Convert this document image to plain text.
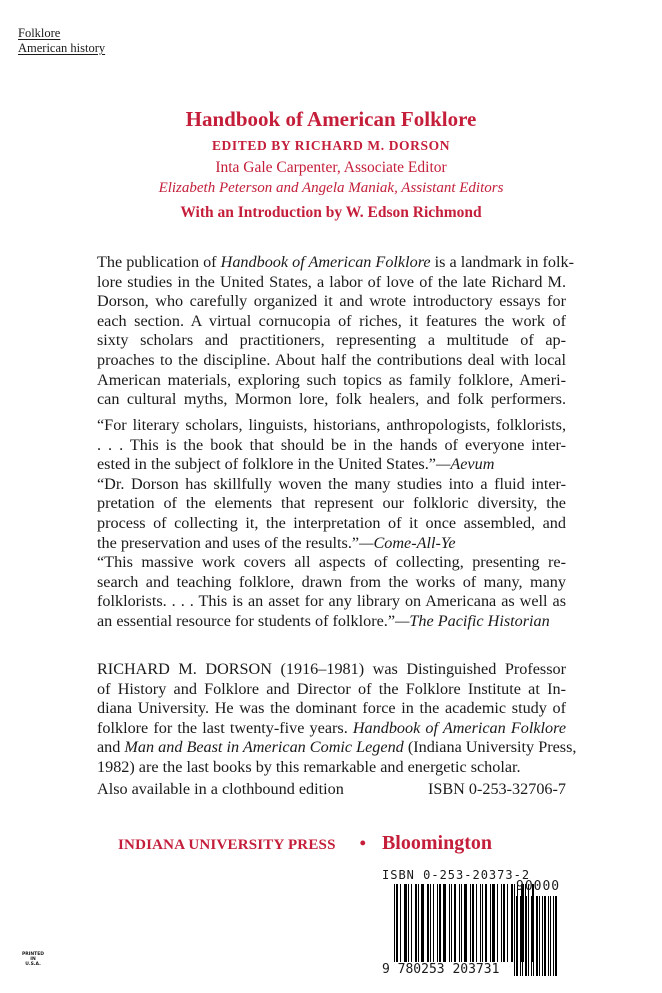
Folklore
American history
Handbook of American Folklore
EDITED BY RICHARD M. DORSON
Inta Gale Carpenter, Associate Editor
Elizabeth Peterson and Angela Maniak, Assistant Editors
With an Introduction by W. Edson Richmond
The publication of Handbook of American Folklore is a landmark in folk-
lore studies in the United States, a labor of love of the late Richard M.
Dorson, who carefully organized it and wrote introductory essays for
each section. A virtual cornucopia of riches, it features the work of
sixty scholars and practitioners, representing a multitude of ap-
proaches to the discipline. About half the contributions deal with local
American materials, exploring such topics as family folklore, Ameri-
can cultural myths, Mormon lore, folk healers, and folk performers.
“For literary scholars, linguists, historians, anthropologists, folklorists,
. . . This is the book that should be in the hands of everyone inter-
ested in the subject of folklore in the United States.”—Aevum
“Dr. Dorson has skillfully woven the many studies into a fluid inter-
pretation of the elements that represent our folkloric diversity, the
process of collecting it, the interpretation of it once assembled, and
the preservation and uses of the results.”—Come-All-Ye
“This massive work covers all aspects of collecting, presenting re-
search and teaching folklore, drawn from the works of many, many
folklorists. . . . This is an asset for any library on Americana as well as
an essential resource for students of folklore.”—The Pacific Historian
RICHARD M. DORSON (1916–1981) was Distinguished Professor
of History and Folklore and Director of the Folklore Institute at In-
diana University. He was the dominant force in the academic study of
folklore for the last twenty-five years. Handbook of American Folklore
and Man and Beast in American Comic Legend (Indiana University Press,
1982) are the last books by this remarkable and energetic scholar.
Also available in a clothbound edition	ISBN 0-253-32706-7
INDIANA UNIVERSITY PRESS • Bloomington
ISBN 0-253-20373-2
9 780253 203731
90000
PRINTED
IN
U.S.A.
